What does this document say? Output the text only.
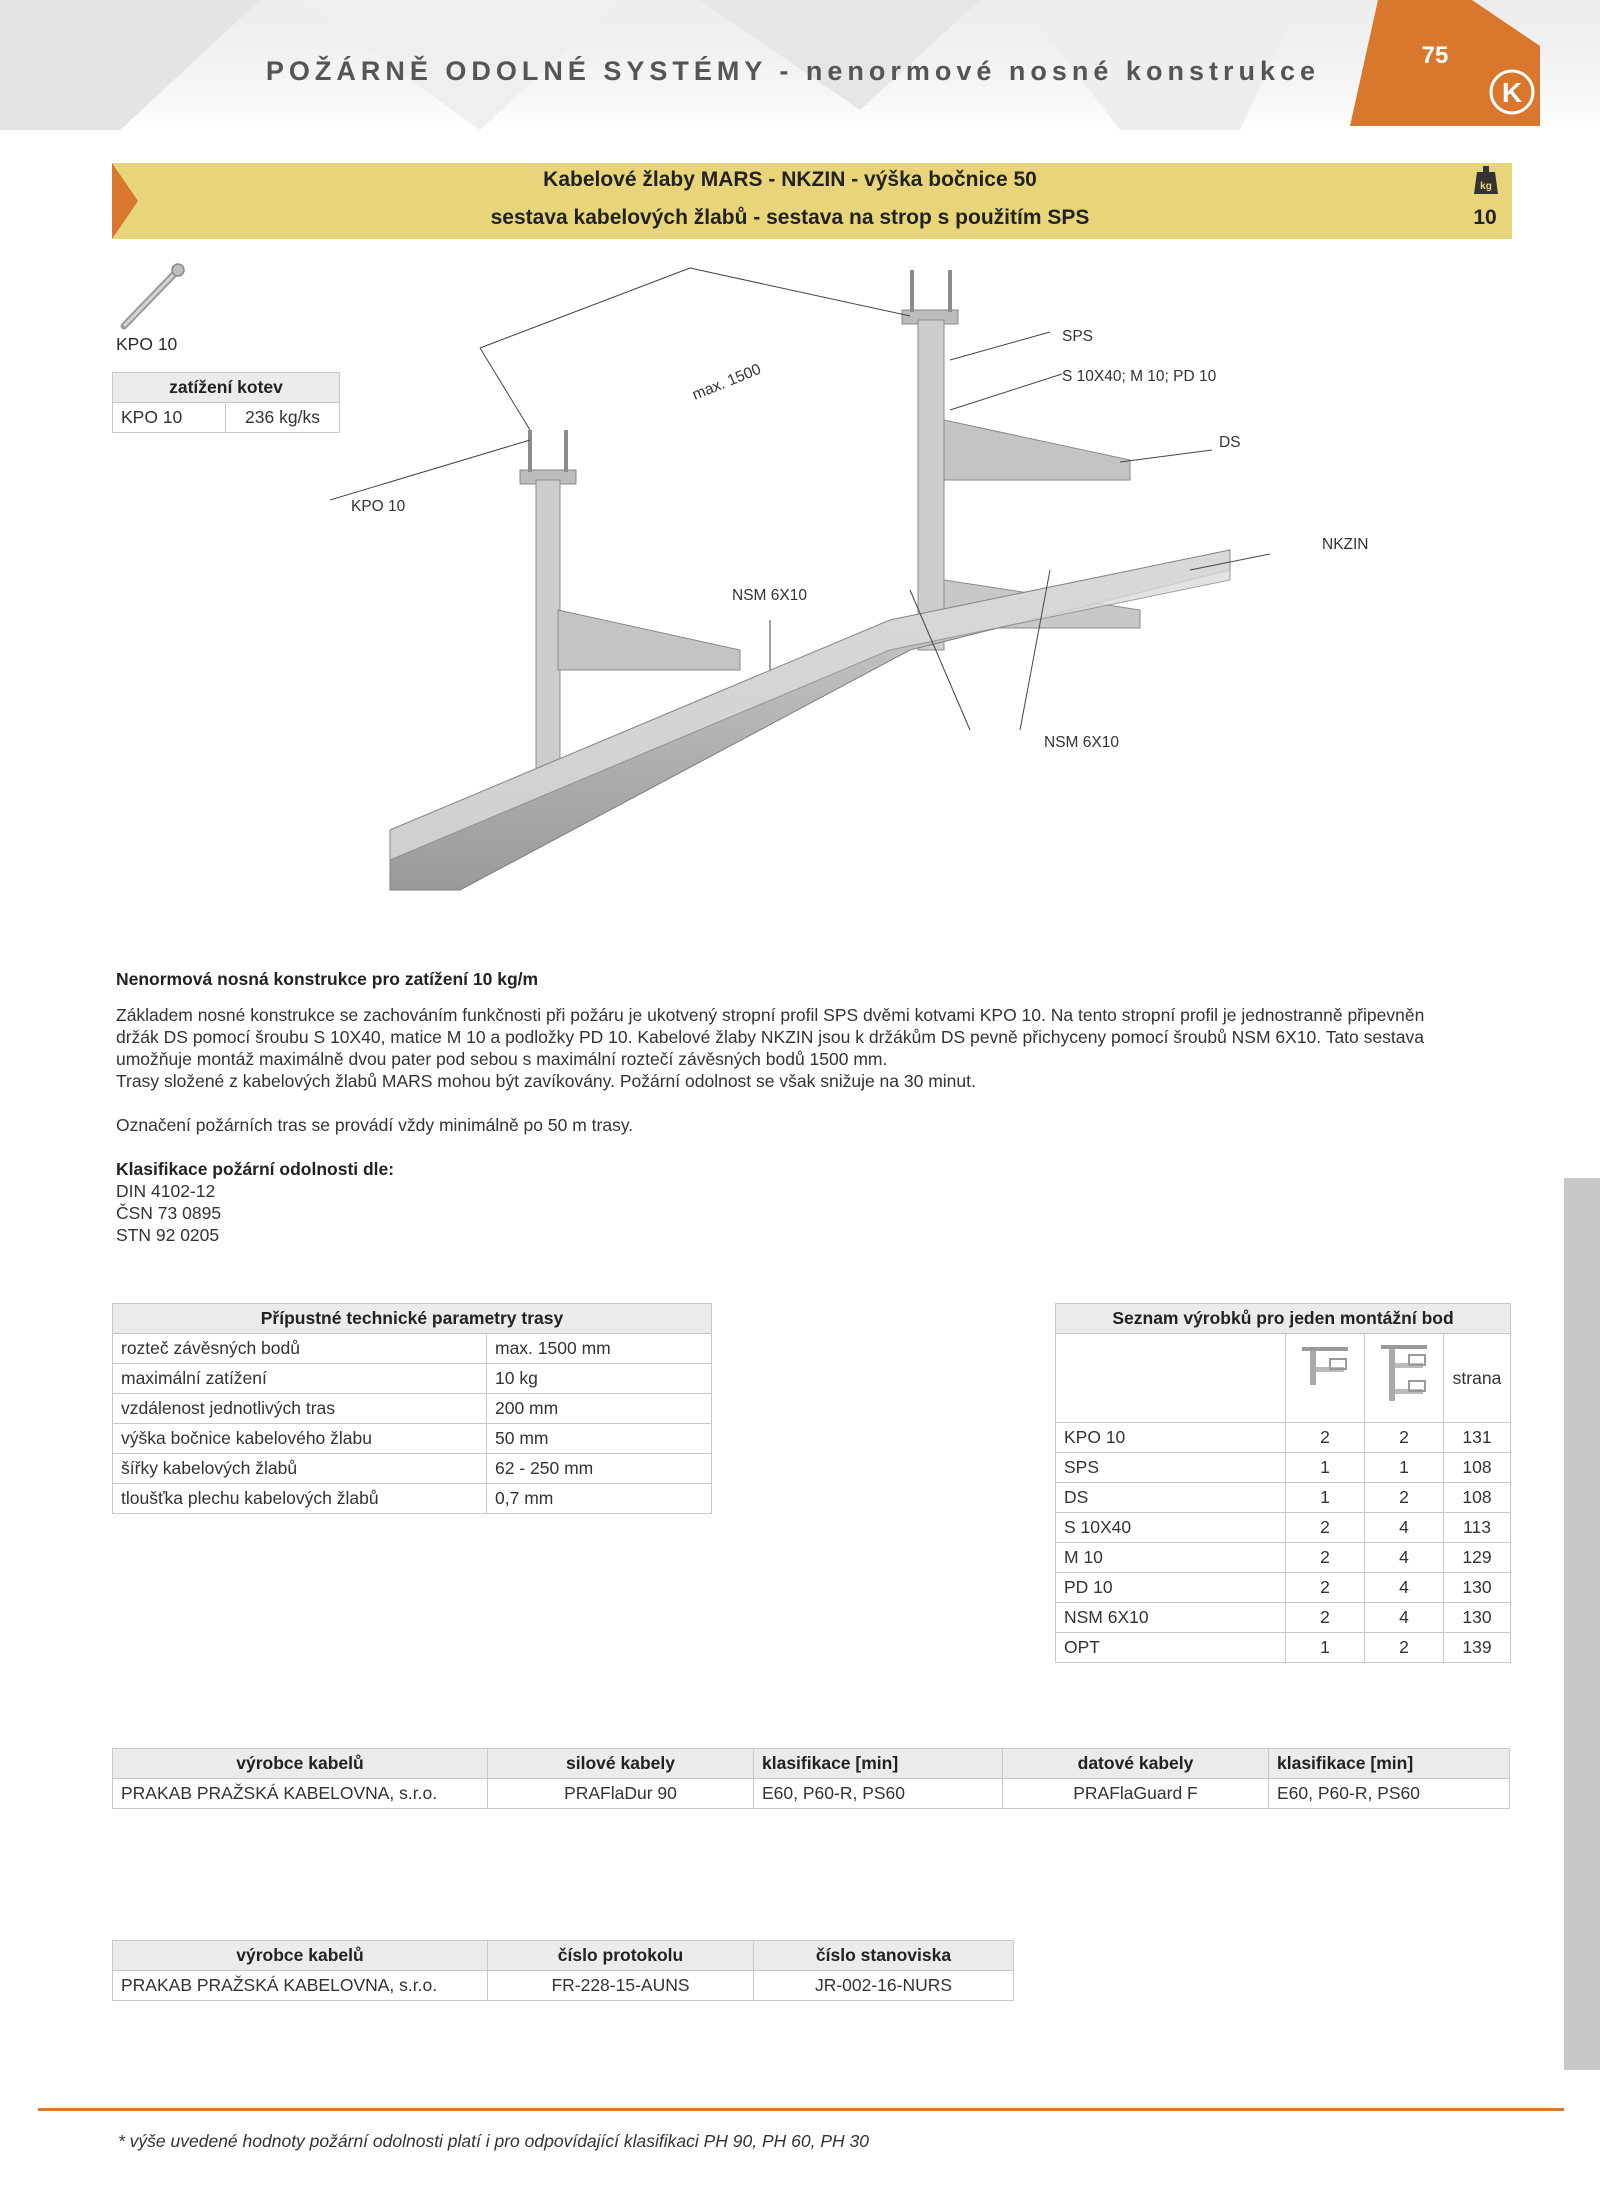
POŽÁRNĚ ODOLNÉ SYSTÉMY - nenormové nosné konstrukce
K
75
Kabelové žlaby MARS - NKZIN - výška bočnice 50
sestava kabelových žlabů - sestava na strop s použitím SPS
kg
10
KPO 10
zatížení kotev
KPO 10	236 kg/ks
SPS
S 10X40; M 10; PD 10
DS
NKZIN
KPO 10
max. 1500
NSM 6X10
NSM 6X10
Nenormová nosná konstrukce pro zatížení 10 kg/m
Základem nosné konstrukce se zachováním funkčnosti při požáru je ukotvený stropní profil SPS dvěmi kotvami KPO 10. Na tento stropní profil je jednostranně připevněn
držák DS pomocí šroubu S 10X40, matice M 10 a podložky PD 10. Kabelové žlaby NKZIN jsou k držákům DS pevně přichyceny pomocí šroubů NSM 6X10. Tato sestava
umožňuje montáž maximálně dvou pater pod sebou s maximální roztečí závěsných bodů 1500 mm.
Trasy složené z kabelových žlabů MARS mohou být zavíkovány. Požární odolnost se však snižuje na 30 minut.
Označení požárních tras se provádí vždy minimálně po 50 m trasy.
Klasifikace požární odolnosti dle:
DIN 4102-12
ČSN 73 0895
STN 92 0205
Přípustné technické parametry trasy	
rozteč závěsných bodů	max. 1500 mm
maximální zatížení	10 kg
vzdálenost jednotlivých tras	200 mm
výška bočnice kabelového žlabu	50 mm
šířky kabelových žlabů	62 - 250 mm
tloušťka plechu kabelových žlabů	0,7 mm
Seznam výrobků pro jeden montážní bod			
			strana
KPO 10	2	2	131
SPS	1	1	108
DS	1	2	108
S 10X40	2	4	113
M 10	2	4	129
PD 10	2	4	130
NSM 6X10	2	4	130
OPT	1	2	139
výrobce kabelů	silové kabely	klasifikace [min]	datové kabely	klasifikace [min]
PRAKAB PRAŽSKÁ KABELOVNA, s.r.o.	PRAFlaDur 90	E60, P60-R, PS60	PRAFlaGuard F	E60, P60-R, PS60
výrobce kabelů	číslo protokolu	číslo stanoviska
PRAKAB PRAŽSKÁ KABELOVNA, s.r.o.	FR-228-15-AUNS	JR-002-16-NURS
* výše uvedené hodnoty požární odolnosti platí i pro odpovídající klasifikaci PH 90, PH 60, PH 30
